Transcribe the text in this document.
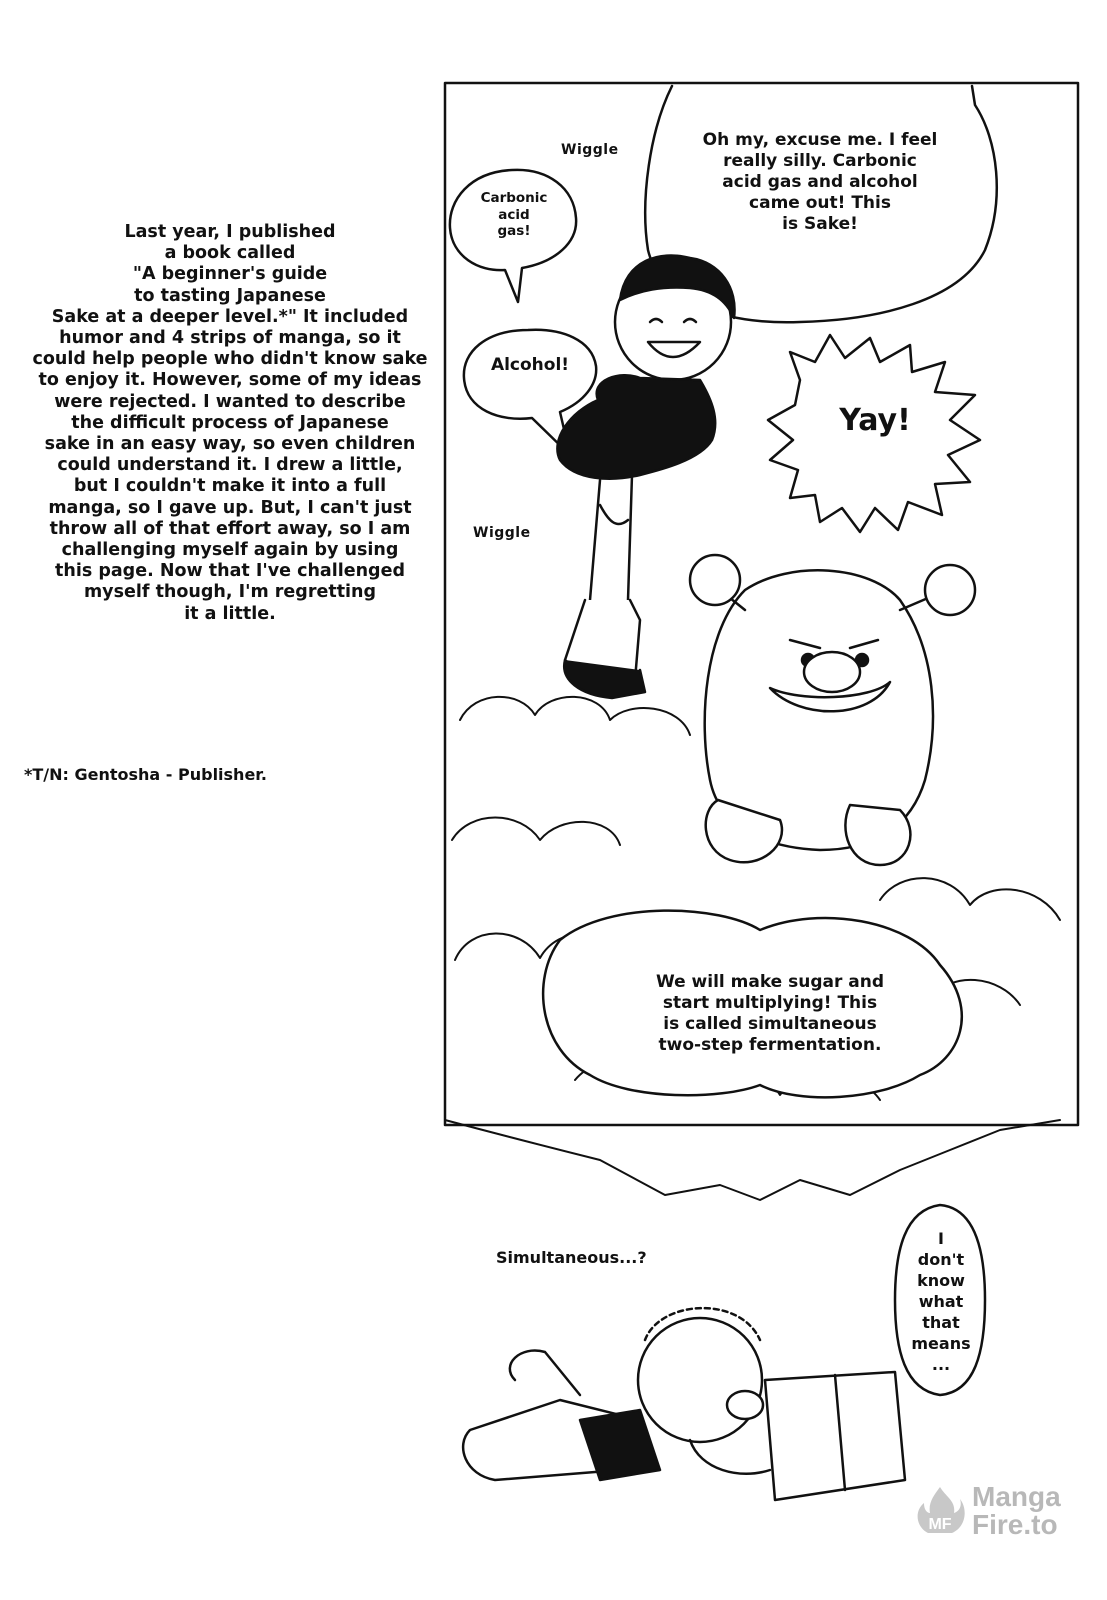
Last year, I published
a book called
"A beginner's guide
to tasting Japanese
Sake at a deeper level.*" It included
humor and 4 strips of manga, so it
could help people who didn't know sake
to enjoy it. However, some of my ideas
were rejected. I wanted to describe
the difficult process of Japanese
sake in an easy way, so even children
could understand it. I drew a little,
but I couldn't make it into a full
manga, so I gave up. But, I can't just
throw all of that effort away, so I am
challenging myself again by using
this page. Now that I've challenged
myself though, I'm regretting
it a little.
*T/N: Gentosha - Publisher.
Wiggle
Wiggle
Carbonic
acid
gas!
Oh my, excuse me. I feel
really silly. Carbonic
acid gas and alcohol
came out! This
is Sake!
Alcohol!
Yay!
We will make sugar and
start multiplying! This
is called simultaneous
two-step fermentation.
Simultaneous...?
I
don't
know
what
that
means
...
MF
Manga
Fire.to
